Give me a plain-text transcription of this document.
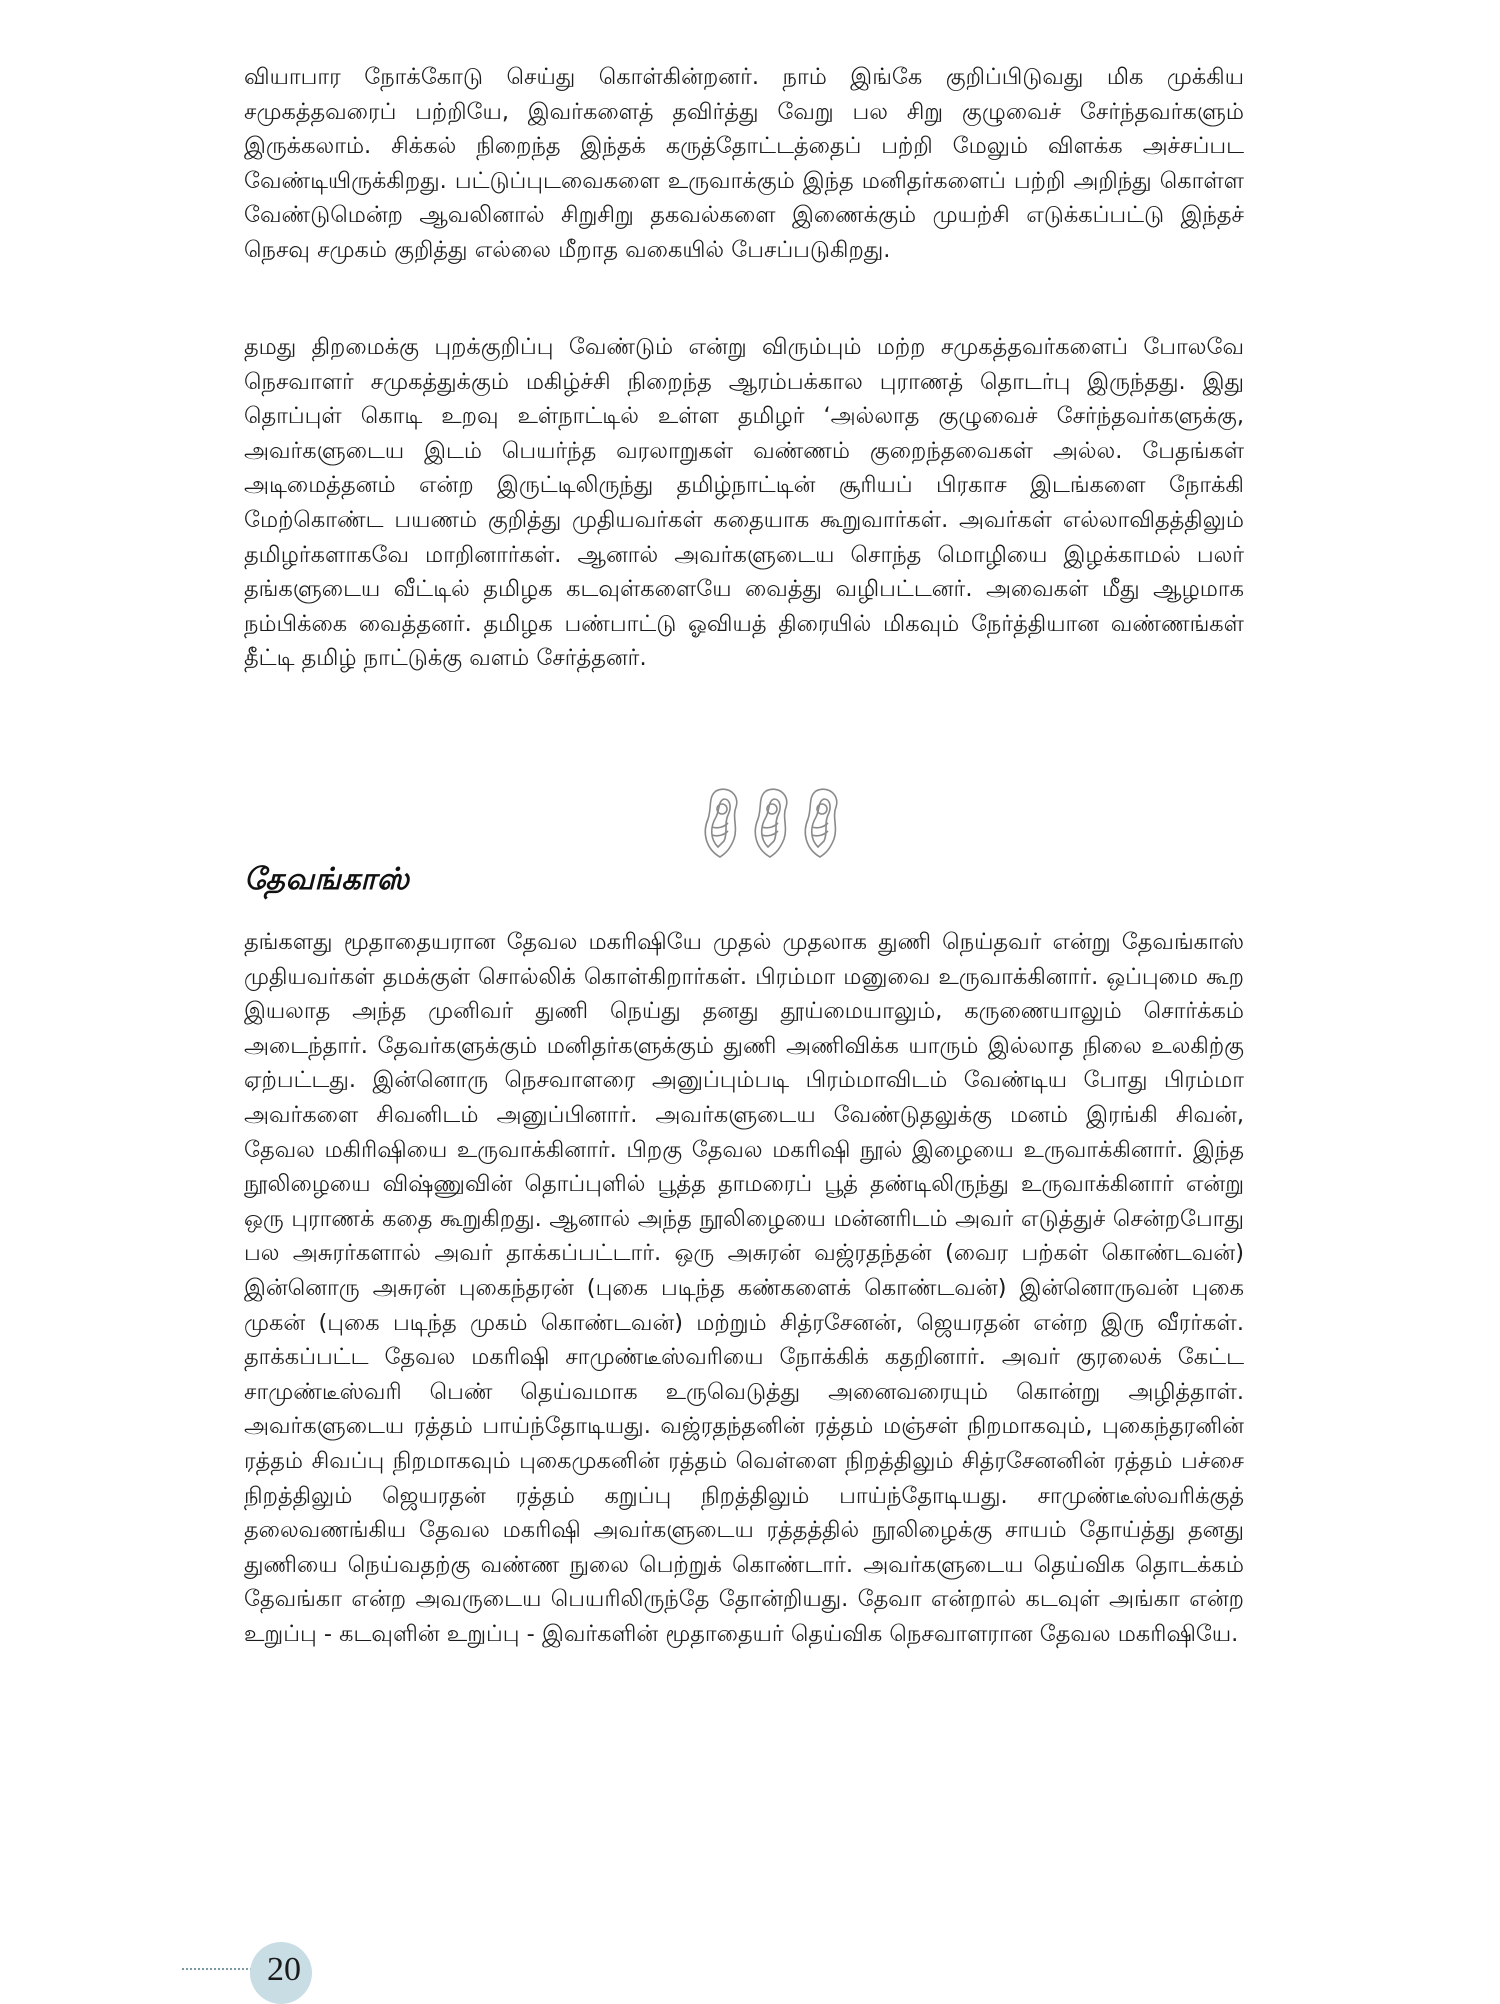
வியாபார நோக்கோடு செய்து கொள்கின்றனர். நாம் இங்கே குறிப்பிடுவது மிக முக்கிய சமுகத்தவரைப் பற்றியே, இவர்களைத் தவிர்த்து வேறு பல சிறு குழுவைச் சேர்ந்தவர்களும் இருக்கலாம். சிக்கல் நிறைந்த இந்தக் கருத்தோட்டத்தைப் பற்றி மேலும் விளக்க அச்சப்பட வேண்டியிருக்கிறது. பட்டுப்புடவைகளை உருவாக்கும் இந்த மனிதர்களைப் பற்றி அறிந்து கொள்ள வேண்டுமென்ற ஆவலினால் சிறுசிறு தகவல்களை இணைக்கும் முயற்சி எடுக்கப்பட்டு இந்தச் நெசவு சமுகம் குறித்து எல்லை மீறாத வகையில் பேசப்படுகிறது.

தமது திறமைக்கு புறக்குறிப்பு வேண்டும் என்று விரும்பும் மற்ற சமுகத்தவர்களைப் போலவே நெசவாளர் சமுகத்துக்கும் மகிழ்ச்சி நிறைந்த ஆரம்பக்கால புராணத் தொடர்பு இருந்தது. இது தொப்புள் கொடி உறவு உள்நாட்டில் உள்ள தமிழர் ‘அல்லாத குழுவைச் சேர்ந்தவர்களுக்கு, அவர்களுடைய இடம் பெயர்ந்த வரலாறுகள் வண்ணம் குறைந்தவைகள் அல்ல. பேதங்கள் அடிமைத்தனம் என்ற இருட்டிலிருந்து தமிழ்நாட்டின் சூரியப் பிரகாச இடங்களை நோக்கி மேற்கொண்ட பயணம் குறித்து முதியவர்கள் கதையாக கூறுவார்கள். அவர்கள் எல்லாவிதத்திலும் தமிழர்களாகவே மாறினார்கள். ஆனால் அவர்களுடைய சொந்த மொழியை இழக்காமல் பலர் தங்களுடைய வீட்டில் தமிழக கடவுள்களையே வைத்து வழிபட்டனர். அவைகள் மீது ஆழமாக நம்பிக்கை வைத்தனர். தமிழக பண்பாட்டு ஓவியத் திரையில் மிகவும் நேர்த்தியான வண்ணங்கள் தீட்டி தமிழ் நாட்டுக்கு வளம் சேர்த்தனர்.

தேவங்காஸ்

தங்களது மூதாதையரான தேவல மகரிஷியே முதல் முதலாக துணி நெய்தவர் என்று தேவங்காஸ் முதியவர்கள் தமக்குள் சொல்லிக் கொள்கிறார்கள். பிரம்மா மனுவை உருவாக்கினார். ஒப்புமை கூற இயலாத அந்த முனிவர் துணி நெய்து தனது தூய்மையாலும், கருணையாலும் சொர்க்கம் அடைந்தார். தேவர்களுக்கும் மனிதர்களுக்கும் துணி அணிவிக்க யாரும் இல்லாத நிலை உலகிற்கு ஏற்பட்டது. இன்னொரு நெசவாளரை அனுப்பும்படி பிரம்மாவிடம் வேண்டிய போது பிரம்மா அவர்களை சிவனிடம் அனுப்பினார். அவர்களுடைய வேண்டுதலுக்கு மனம் இரங்கி சிவன், தேவல மகிரிஷியை உருவாக்கினார். பிறகு தேவல மகரிஷி நூல் இழையை உருவாக்கினார். இந்த நூலிழையை விஷ்ணுவின் தொப்புளில் பூத்த தாமரைப் பூத் தண்டிலிருந்து உருவாக்கினார் என்று ஒரு புராணக் கதை கூறுகிறது. ஆனால் அந்த நூலிழையை மன்னரிடம் அவர் எடுத்துச் சென்றபோது பல அசுரர்களால் அவர் தாக்கப்பட்டார். ஒரு அசுரன் வஜ்ரதந்தன் (வைர பற்கள் கொண்டவன்) இன்னொரு அசுரன் புகைந்தரன் (புகை படிந்த கண்களைக் கொண்டவன்) இன்னொருவன் புகை முகன் (புகை படிந்த முகம் கொண்டவன்) மற்றும் சித்ரசேனன், ஜெயரதன் என்ற இரு வீரர்கள். தாக்கப்பட்ட தேவல மகரிஷி சாமுண்டீஸ்வரியை நோக்கிக் கதறினார். அவர் குரலைக் கேட்ட சாமுண்டீஸ்வரி பெண் தெய்வமாக உருவெடுத்து அனைவரையும் கொன்று அழித்தாள். அவர்களுடைய ரத்தம் பாய்ந்தோடியது. வஜ்ரதந்தனின் ரத்தம் மஞ்சள் நிறமாகவும், புகைந்தரனின் ரத்தம் சிவப்பு நிறமாகவும் புகைமுகனின் ரத்தம் வெள்ளை நிறத்திலும் சித்ரசேனனின் ரத்தம் பச்சை நிறத்திலும் ஜெயரதன் ரத்தம் கறுப்பு நிறத்திலும் பாய்ந்தோடியது. சாமுண்டீஸ்வரிக்குத் தலைவணங்கிய தேவல மகரிஷி அவர்களுடைய ரத்தத்தில் நூலிழைக்கு சாயம் தோய்த்து தனது துணியை நெய்வதற்கு வண்ண நுலை பெற்றுக் கொண்டார். அவர்களுடைய தெய்விக தொடக்கம் தேவங்கா என்ற அவருடைய பெயரிலிருந்தே தோன்றியது. தேவா என்றால் கடவுள் அங்கா என்ற உறுப்பு - கடவுளின் உறுப்பு - இவர்களின் மூதாதையர் தெய்விக நெசவாளரான தேவல மகரிஷியே.

20
